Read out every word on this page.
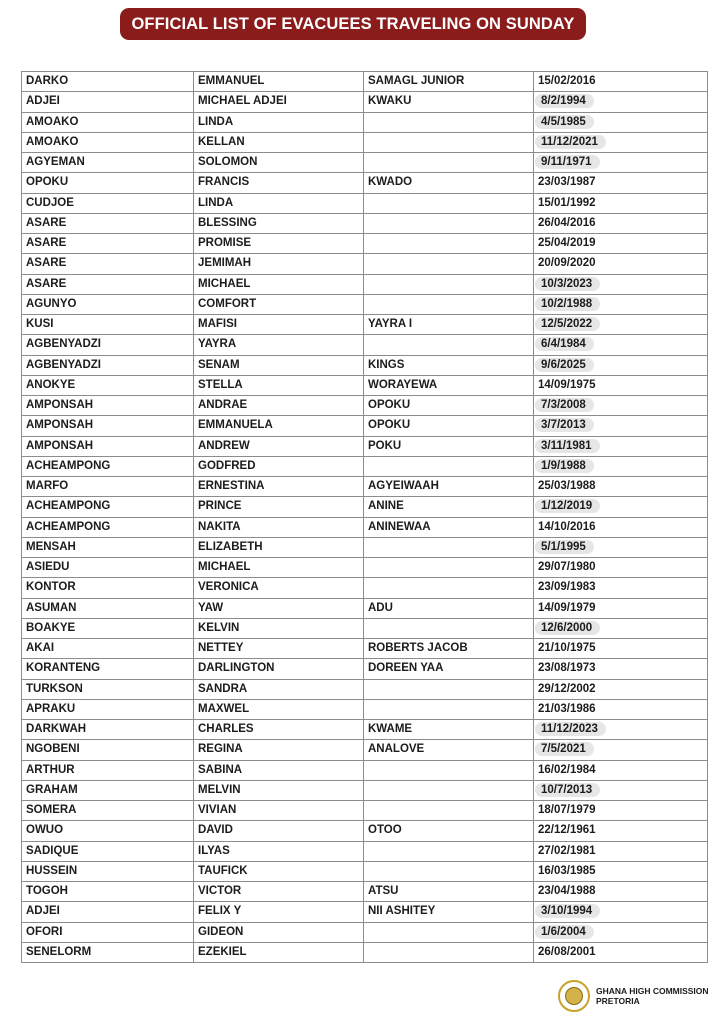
OFFICIAL LIST OF EVACUEES TRAVELING ON SUNDAY
DARKO	EMMANUEL	SAMAGL JUNIOR	15/02/2016
ADJEI	MICHAEL ADJEI	KWAKU	8/2/1994
AMOAKO	LINDA		4/5/1985
AMOAKO	KELLAN		11/12/2021
AGYEMAN	SOLOMON		9/11/1971
OPOKU	FRANCIS	KWADO	23/03/1987
CUDJOE	LINDA		15/01/1992
ASARE	BLESSING		26/04/2016
ASARE	PROMISE		25/04/2019
ASARE	JEMIMAH		20/09/2020
ASARE	MICHAEL		10/3/2023
AGUNYO	COMFORT		10/2/1988
KUSI	MAFISI	YAYRA I	12/5/2022
AGBENYADZI	YAYRA		6/4/1984
AGBENYADZI	SENAM	KINGS	9/6/2025
ANOKYE	STELLA	WORAYEWA	14/09/1975
AMPONSAH	ANDRAE	OPOKU	7/3/2008
AMPONSAH	EMMANUELA	OPOKU	3/7/2013
AMPONSAH	ANDREW	POKU	3/11/1981
ACHEAMPONG	GODFRED		1/9/1988
MARFO	ERNESTINA	AGYEIWAAH	25/03/1988
ACHEAMPONG	PRINCE	ANINE	1/12/2019
ACHEAMPONG	NAKITA	ANINEWAA	14/10/2016
MENSAH	ELIZABETH		5/1/1995
ASIEDU	MICHAEL		29/07/1980
KONTOR	VERONICA		23/09/1983
ASUMAN	YAW	ADU	14/09/1979
BOAKYE	KELVIN		12/6/2000
AKAI	NETTEY	ROBERTS JACOB	21/10/1975
KORANTENG	DARLINGTON	DOREEN YAA	23/08/1973
TURKSON	SANDRA		29/12/2002
APRAKU	MAXWEL		21/03/1986
DARKWAH	CHARLES	KWAME	11/12/2023
NGOBENI	REGINA	ANALOVE	7/5/2021
ARTHUR	SABINA		16/02/1984
GRAHAM	MELVIN		10/7/2013
SOMERA	VIVIAN		18/07/1979
OWUO	DAVID	OTOO	22/12/1961
SADIQUE	ILYAS		27/02/1981
HUSSEIN	TAUFICK		16/03/1985
TOGOH	VICTOR	ATSU	23/04/1988
ADJEI	FELIX Y	NII ASHITEY	3/10/1994
OFORI	GIDEON		1/6/2004
SENELORM	EZEKIEL		26/08/2001
GHANA HIGH COMMISSION
PRETORIA
